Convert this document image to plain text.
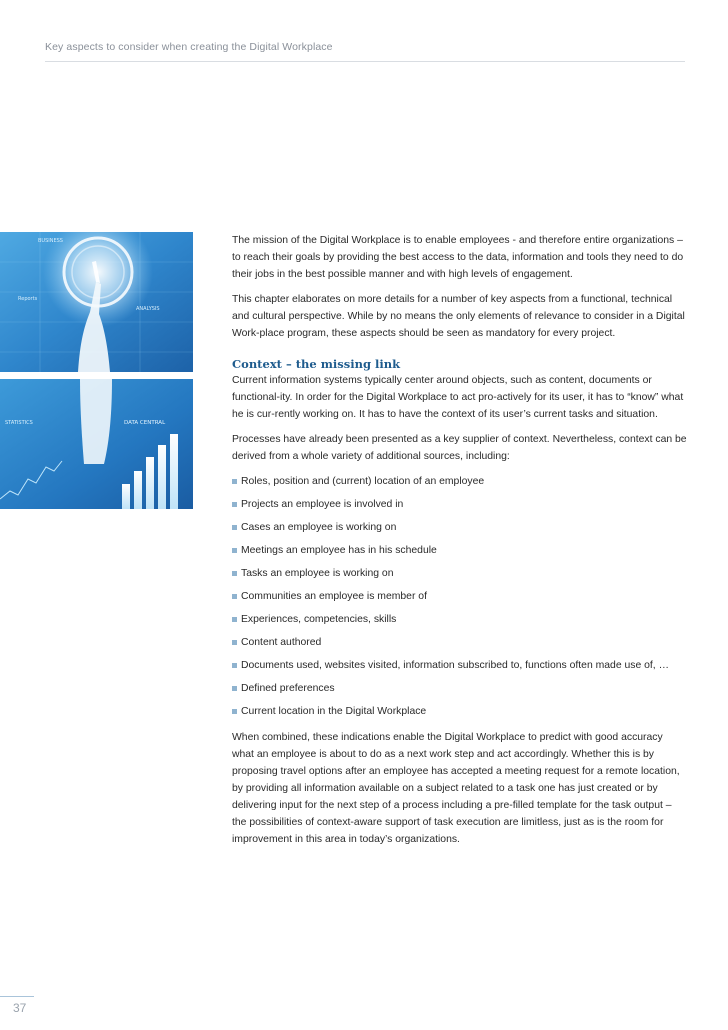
Key aspects to consider when creating the Digital Workplace
BUSINESS
Reports
ANALYSIS
STATISTICS	DATA CENTRAL

The mission of the Digital Workplace is to enable employees - and therefore entire organizations – to reach their goals by providing the best access to the data, information and tools they need to do their jobs in the best possible manner and with high levels of engagement.

This chapter elaborates on more details for a number of key aspects from a functional, technical and cultural perspective. While by no means the only elements of relevance to consider in a Digital Work-place program, these aspects should be seen as mandatory for every project.

Context – the missing link

Current information systems typically center around objects, such as content, documents or functional-ity. In order for the Digital Workplace to act pro-actively for its user, it has to “know” what he is cur-rently working on. It has to have the context of its user’s current tasks and situation.

Processes have already been presented as a key supplier of context. Nevertheless, context can be derived from a whole variety of additional sources, including:

Roles, position and (current) location of an employee
Projects an employee is involved in
Cases an employee is working on
Meetings an employee has in his schedule
Tasks an employee is working on
Communities an employee is member of
Experiences, competencies, skills
Content authored
Documents used, websites visited, information subscribed to, functions often made use of, …
Defined preferences
Current location in the Digital Workplace

When combined, these indications enable the Digital Workplace to predict with good accuracy what an employee is about to do as a next work step and act accordingly. Whether this is by proposing travel options after an employee has accepted a meeting request for a remote location, by providing all information available on a subject related to a task one has just created or by delivering input for the next step of a process including a pre-filled template for the task output – the possibilities of context-aware support of task execution are limitless, just as is the room for improvement in this area in today’s organizations.

37
